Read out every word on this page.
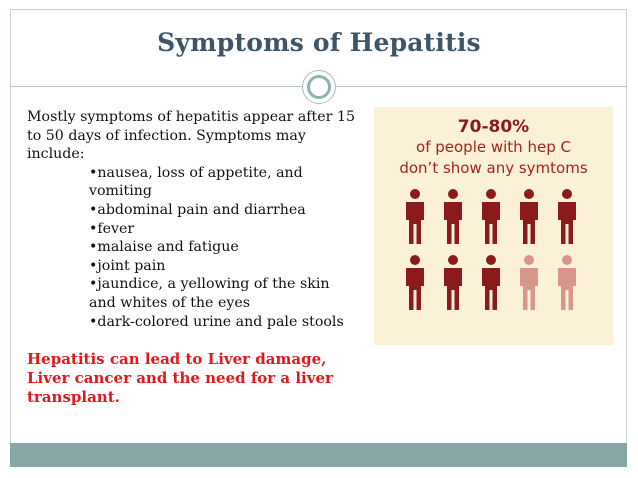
Symptoms of Hepatitis

Mostly symptoms of hepatitis appear after 15 to 50 days of infection. Symptoms may include:

• nausea, loss of appetite, and vomiting
• abdominal pain and diarrhea
• fever
• malaise and fatigue
• joint pain
• jaundice, a yellowing of the skin and whites of the eyes
• dark-colored urine and pale stools
Hepatitis can lead to Liver damage, Liver cancer and the need for a liver transplant.
70-80%
of people with hep C
don’t show any symtoms
